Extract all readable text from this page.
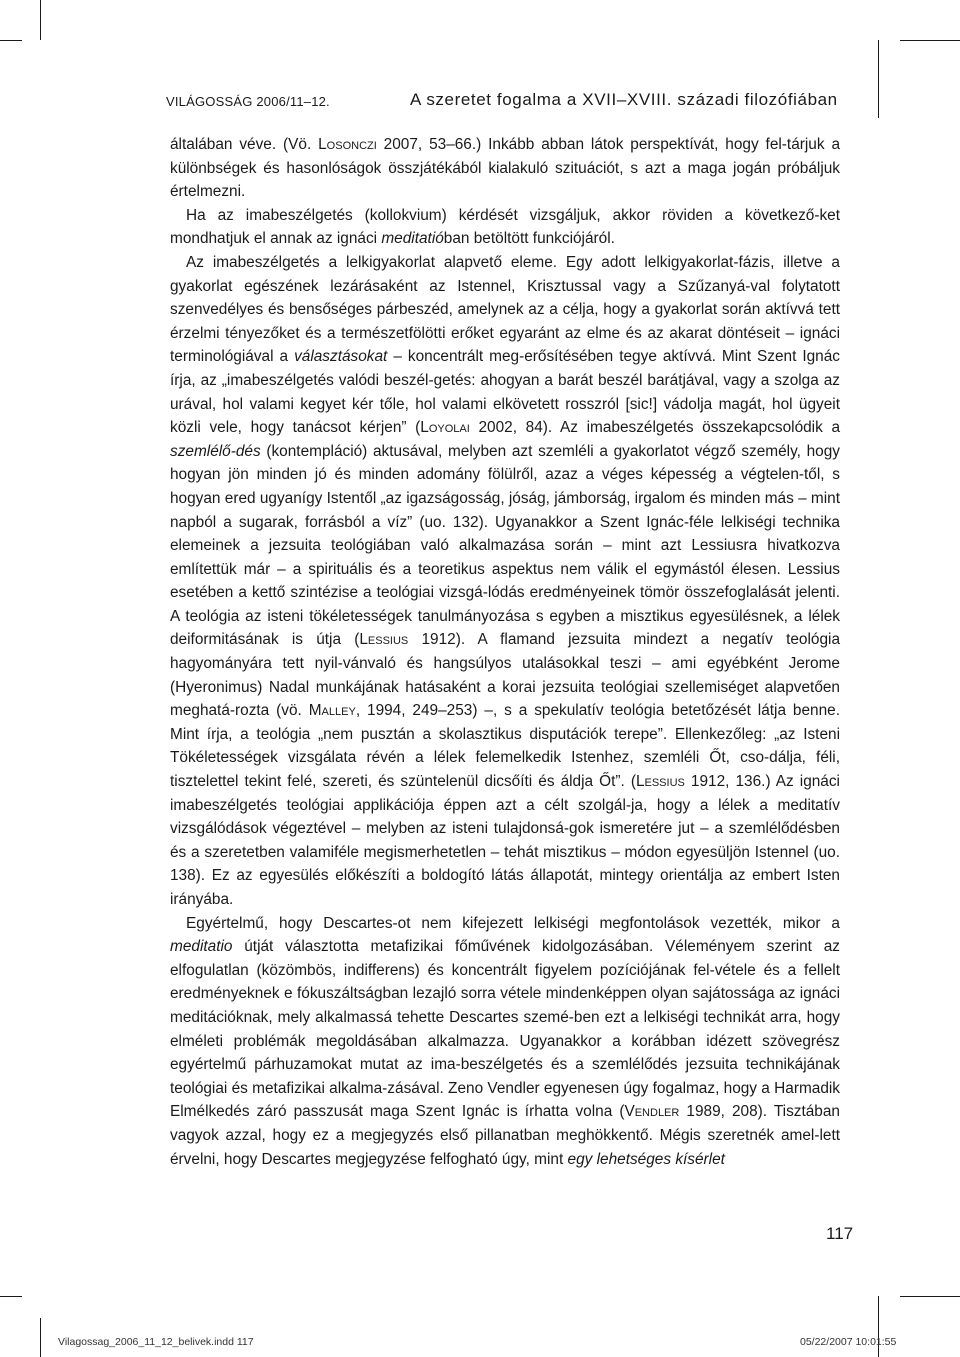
VILÁGOSSÁG 2006/11–12.	A szeretet fogalma a XVII–XVIII. századi filozófiában

általában véve. (Vö. Losonczi 2007, 53–66.) Inkább abban látok perspektívát, hogy fel-tárjuk a különbségek és hasonlóságok összjátékából kialakuló szituációt, s azt a maga jogán próbáljuk értelmezni.

Ha az imabeszélgetés (kollokvium) kérdését vizsgáljuk, akkor röviden a következő-ket mondhatjuk el annak az ignáci meditatióban betöltött funkciójáról.

Az imabeszélgetés a lelkigyakorlat alapvető eleme. Egy adott lelkigyakorlat-fázis, illetve a gyakorlat egészének lezárásaként az Istennel, Krisztussal vagy a Szűzanyá-val folytatott szenvedélyes és bensőséges párbeszéd, amelynek az a célja, hogy a gyakorlat során aktívvá tett érzelmi tényezőket és a természetfölötti erőket egyaránt az elme és az akarat döntéseit – ignáci terminológiával a választásokat – koncentrált meg-erősítésében tegye aktívvá. Mint Szent Ignác írja, az „imabeszélgetés valódi beszél-getés: ahogyan a barát beszél barátjával, vagy a szolga az urával, hol valami kegyet kér tőle, hol valami elkövetett rosszról [sic!] vádolja magát, hol ügyeit közli vele, hogy tanácsot kérjen” (Loyolai 2002, 84). Az imabeszélgetés összekapcsolódik a szemlélő-dés (kontempláció) aktusával, melyben azt szemléli a gyakorlatot végző személy, hogy hogyan jön minden jó és minden adomány fölülről, azaz a véges képesség a végtelen-től, s hogyan ered ugyanígy Istentől „az igazságosság, jóság, jámborság, irgalom és minden más – mint napból a sugarak, forrásból a víz” (uo. 132). Ugyanakkor a Szent Ignác-féle lelkiségi technika elemeinek a jezsuita teológiában való alkalmazása során – mint azt Lessiusra hivatkozva említettük már – a spirituális és a teoretikus aspektus nem válik el egymástól élesen. Lessius esetében a kettő szintézise a teológiai vizsgá-lódás eredményeinek tömör összefoglalását jelenti. A teológia az isteni tökéletességek tanulmányozása s egyben a misztikus egyesülésnek, a lélek deiformitásának is útja (Lessius 1912). A flamand jezsuita mindezt a negatív teológia hagyományára tett nyil-vánvaló és hangsúlyos utalásokkal teszi – ami egyébként Jerome (Hyeronimus) Nadal munkájának hatásaként a korai jezsuita teológiai szellemiséget alapvetően meghatá-rozta (vö. Malley, 1994, 249–253) –, s a spekulatív teológia betetőzését látja benne. Mint írja, a teológia „nem pusztán a skolasztikus disputációk terepe”. Ellenkezőleg: „az Isteni Tökéletességek vizsgálata révén a lélek felemelkedik Istenhez, szemléli Őt, cso-dálja, féli, tisztelettel tekint felé, szereti, és szüntelenül dicsőíti és áldja Őt”. (Lessius 1912, 136.) Az ignáci imabeszélgetés teológiai applikációja éppen azt a célt szolgál-ja, hogy a lélek a meditatív vizsgálódások végeztével – melyben az isteni tulajdonsá-gok ismeretére jut – a szemlélődésben és a szeretetben valamiféle megismerhetetlen – tehát misztikus – módon egyesüljön Istennel (uo. 138). Ez az egyesülés előkészíti a boldogító látás állapotát, mintegy orientálja az embert Isten irányába.

Egyértelmű, hogy Descartes-ot nem kifejezett lelkiségi megfontolások vezették, mikor a meditatio útját választotta metafizikai főművének kidolgozásában. Véleményem szerint az elfogulatlan (közömbös, indifferens) és koncentrált figyelem pozíciójának fel-vétele és a fellelt eredményeknek e fókuszáltságban lezajló sorra vétele mindenképpen olyan sajátossága az ignáci meditációknak, mely alkalmassá tehette Descartes szemé-ben ezt a lelkiségi technikát arra, hogy elméleti problémák megoldásában alkalmazza. Ugyanakkor a korábban idézett szövegrész egyértelmű párhuzamokat mutat az ima-beszélgetés és a szemlélődés jezsuita technikájának teológiai és metafizikai alkalma-zásával. Zeno Vendler egyenesen úgy fogalmaz, hogy a Harmadik Elmélkedés záró passzusát maga Szent Ignác is írhatta volna (Vendler 1989, 208). Tisztában vagyok azzal, hogy ez a megjegyzés első pillanatban meghökkentő. Mégis szeretnék amel-lett érvelni, hogy Descartes megjegyzése felfogható úgy, mint egy lehetséges kísérlet

117
Vilagossag_2006_11_12_belivek.indd 117	05/22/2007 10:01:55
